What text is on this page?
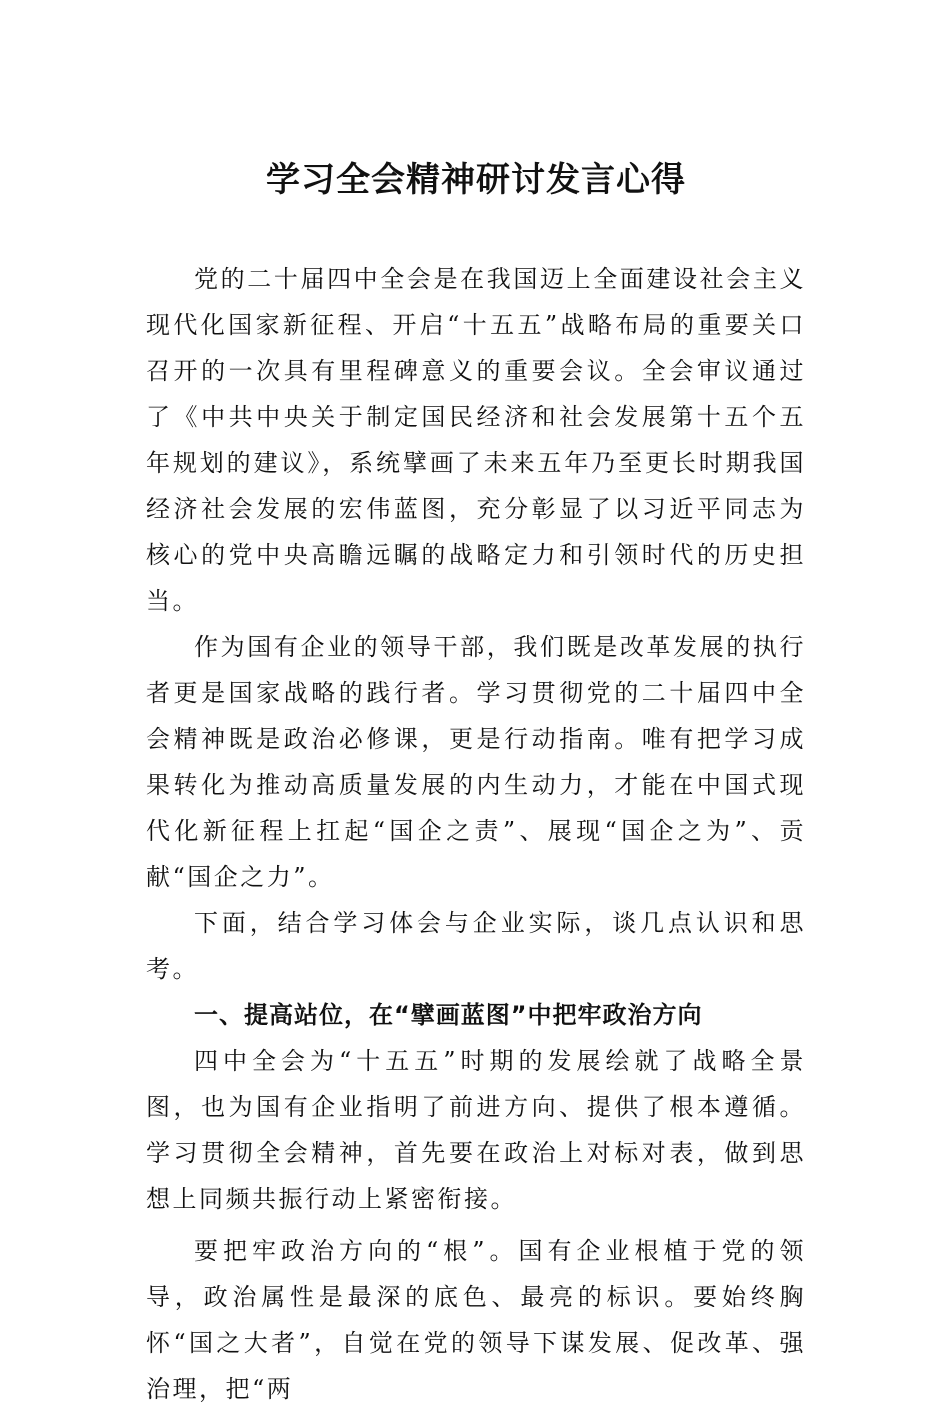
学习全会精神研讨发言心得

党的二十届四中全会是在我国迈上全面建设社会主义现代化国家新征程、开启“十五五”战略布局的重要关口召开的一次具有里程碑意义的重要会议。全会审议通过了《中共中央关于制定国民经济和社会发展第十五个五年规划的建议》，系统擘画了未来五年乃至更长时期我国经济社会发展的宏伟蓝图，充分彰显了以习近平同志为核心的党中央高瞻远瞩的战略定力和引领时代的历史担当。

作为国有企业的领导干部，我们既是改革发展的执行者更是国家战略的践行者。学习贯彻党的二十届四中全会精神既是政治必修课，更是行动指南。唯有把学习成果转化为推动高质量发展的内生动力，才能在中国式现代化新征程上扛起“国企之责”、展现“国企之为”、贡献“国企之力”。

下面，结合学习体会与企业实际，谈几点认识和思考。

一、提高站位，在“擘画蓝图”中把牢政治方向

四中全会为“十五五”时期的发展绘就了战略全景图，也为国有企业指明了前进方向、提供了根本遵循。学习贯彻全会精神，首先要在政治上对标对表，做到思想上同频共振行动上紧密衔接。

要把牢政治方向的“根”。国有企业根植于党的领导，政治属性是最深的底色、最亮的标识。要始终胸怀“国之大者”，自觉在党的领导下谋发展、促改革、强治理，把“两
